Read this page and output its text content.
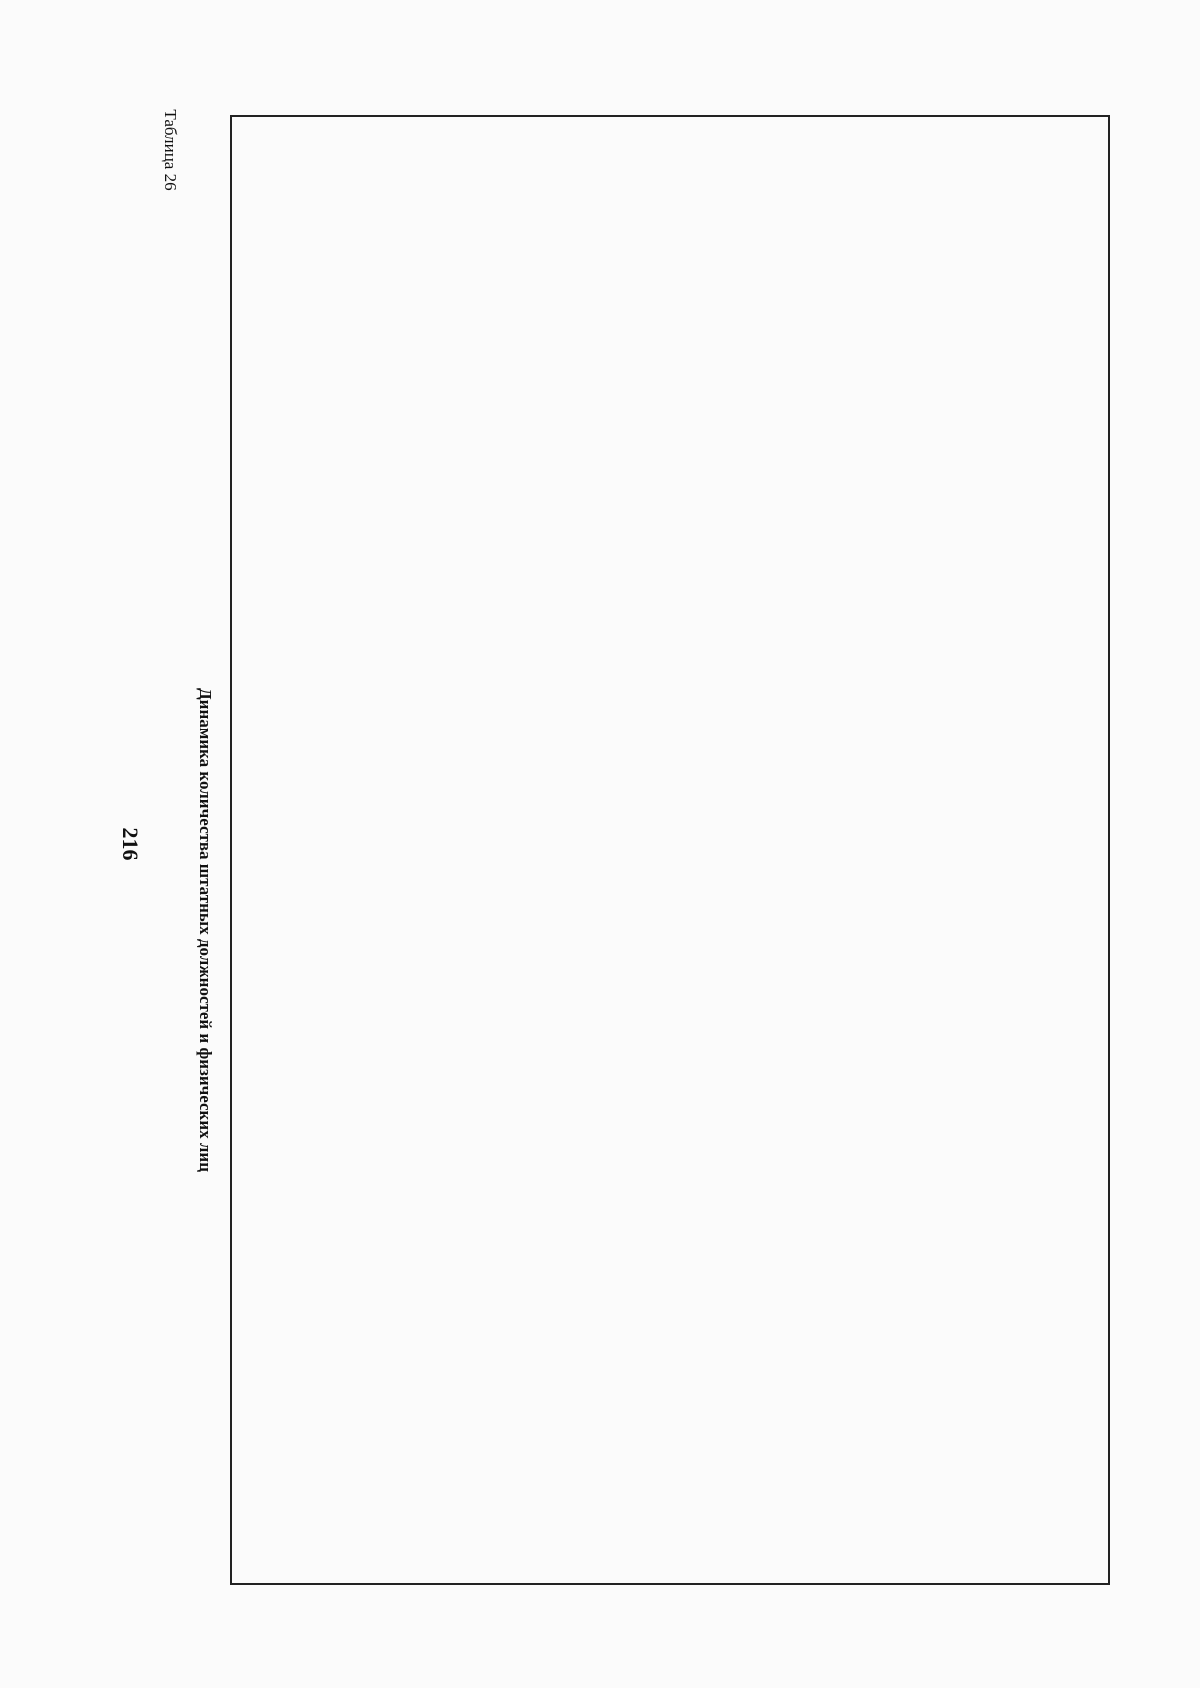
216
Таблица 26
Динамика количества штатных должностей и физических лиц
